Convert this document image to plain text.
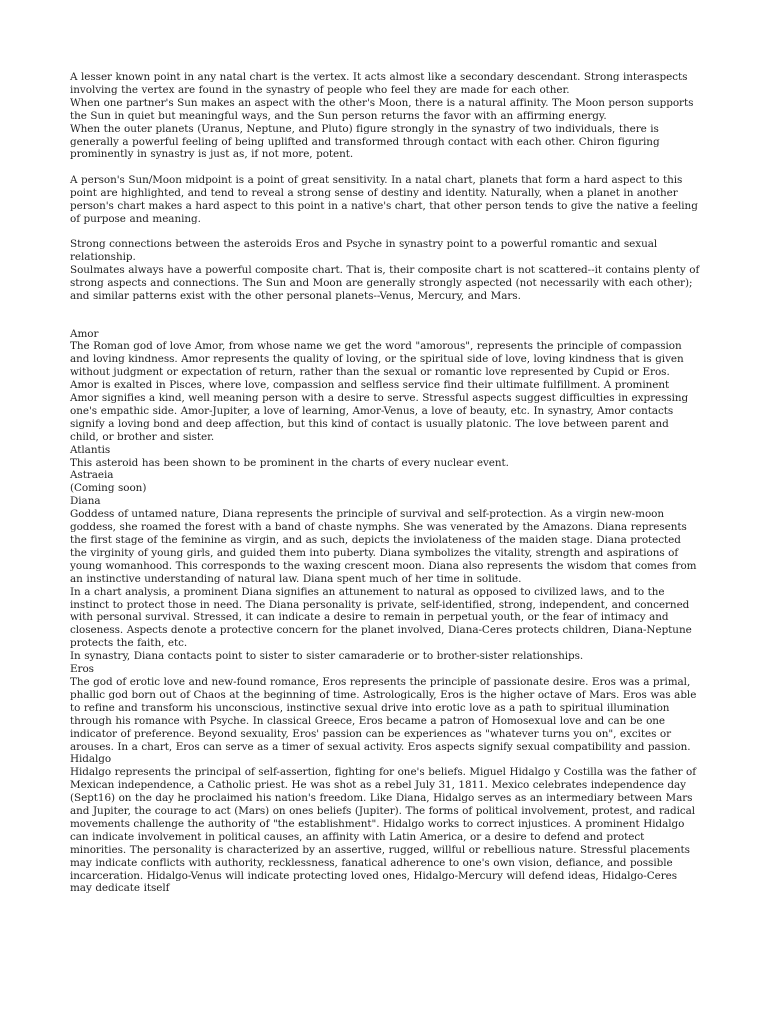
A lesser known point in any natal chart is the vertex. It acts almost like a secondary descendant. Strong interaspects involving the vertex are found in the synastry of people who feel they are made for each other.

When one partner's Sun makes an aspect with the other's Moon, there is a natural affinity. The Moon person supports the Sun in quiet but meaningful ways, and the Sun person returns the favor with an affirming energy.

When the outer planets (Uranus, Neptune, and Pluto) figure strongly in the synastry of two individuals, there is generally a powerful feeling of being uplifted and transformed through contact with each other. Chiron figuring prominently in synastry is just as, if not more, potent.

A person's Sun/Moon midpoint is a point of great sensitivity. In a natal chart, planets that form a hard aspect to this point are highlighted, and tend to reveal a strong sense of destiny and identity. Naturally, when a planet in another person's chart makes a hard aspect to this point in a native's chart, that other person tends to give the native a feeling of purpose and meaning.

Strong connections between the asteroids Eros and Psyche in synastry point to a powerful romantic and sexual relationship.

Soulmates always have a powerful composite chart. That is, their composite chart is not scattered--it contains plenty of strong aspects and connections. The Sun and Moon are generally strongly aspected (not necessarily with each other); and similar patterns exist with the other personal planets--Venus, Mercury, and Mars.

Amor

The Roman god of love Amor, from whose name we get the word "amorous", represents the principle of compassion and loving kindness. Amor represents the quality of loving, or the spiritual side of love, loving kindness that is given without judgment or expectation of return, rather than the sexual or romantic love represented by Cupid or Eros. Amor is exalted in Pisces, where love, compassion and selfless service find their ultimate fulfillment. A prominent Amor signifies a kind, well meaning person with a desire to serve. Stressful aspects suggest difficulties in expressing one's empathic side. Amor-Jupiter, a love of learning, Amor-Venus, a love of beauty, etc. In synastry, Amor contacts signify a loving bond and deep affection, but this kind of contact is usually platonic. The love between parent and child, or brother and sister.

Atlantis

This asteroid has been shown to be prominent in the charts of every nuclear event.

Astraeia

(Coming soon)

Diana

Goddess of untamed nature, Diana represents the principle of survival and self-protection. As a virgin new-moon goddess, she roamed the forest with a band of chaste nymphs. She was venerated by the Amazons. Diana represents the first stage of the feminine as virgin, and as such, depicts the inviolateness of the maiden stage. Diana protected the virginity of young girls, and guided them into puberty. Diana symbolizes the vitality, strength and aspirations of young womanhood. This corresponds to the waxing crescent moon. Diana also represents the wisdom that comes from an instinctive understanding of natural law. Diana spent much of her time in solitude.

In a chart analysis, a prominent Diana signifies an attunement to natural as opposed to civilized laws, and to the instinct to protect those in need. The Diana personality is private, self-identified, strong, independent, and concerned with personal survival. Stressed, it can indicate a desire to remain in perpetual youth, or the fear of intimacy and closeness. Aspects denote a protective concern for the planet involved, Diana-Ceres protects children, Diana-Neptune protects the faith, etc.

In synastry, Diana contacts point to sister to sister camaraderie or to brother-sister relationships.

Eros

The god of erotic love and new-found romance, Eros represents the principle of passionate desire. Eros was a primal, phallic god born out of Chaos at the beginning of time. Astrologically, Eros is the higher octave of Mars. Eros was able to refine and transform his unconscious, instinctive sexual drive into erotic love as a path to spiritual illumination through his romance with Psyche. In classical Greece, Eros became a patron of Homosexual love and can be one indicator of preference. Beyond sexuality, Eros' passion can be experiences as "whatever turns you on", excites or arouses. In a chart, Eros can serve as a timer of sexual activity. Eros aspects signify sexual compatibility and passion.

Hidalgo

Hidalgo represents the principal of self-assertion, fighting for one's beliefs. Miguel Hidalgo y Costilla was the father of Mexican independence, a Catholic priest. He was shot as a rebel July 31, 1811. Mexico celebrates independence day (Sept16) on the day he proclaimed his nation's freedom. Like Diana, Hidalgo serves as an intermediary between Mars and Jupiter, the courage to act (Mars) on ones beliefs (Jupiter). The forms of political involvement, protest, and radical movements challenge the authority of "the establishment". Hidalgo works to correct injustices. A prominent Hidalgo can indicate involvement in political causes, an affinity with Latin America, or a desire to defend and protect minorities. The personality is characterized by an assertive, rugged, willful or rebellious nature. Stressful placements may indicate conflicts with authority, recklessness, fanatical adherence to one's own vision, defiance, and possible incarceration. Hidalgo-Venus will indicate protecting loved ones, Hidalgo-Mercury will defend ideas, Hidalgo-Ceres may dedicate itself
